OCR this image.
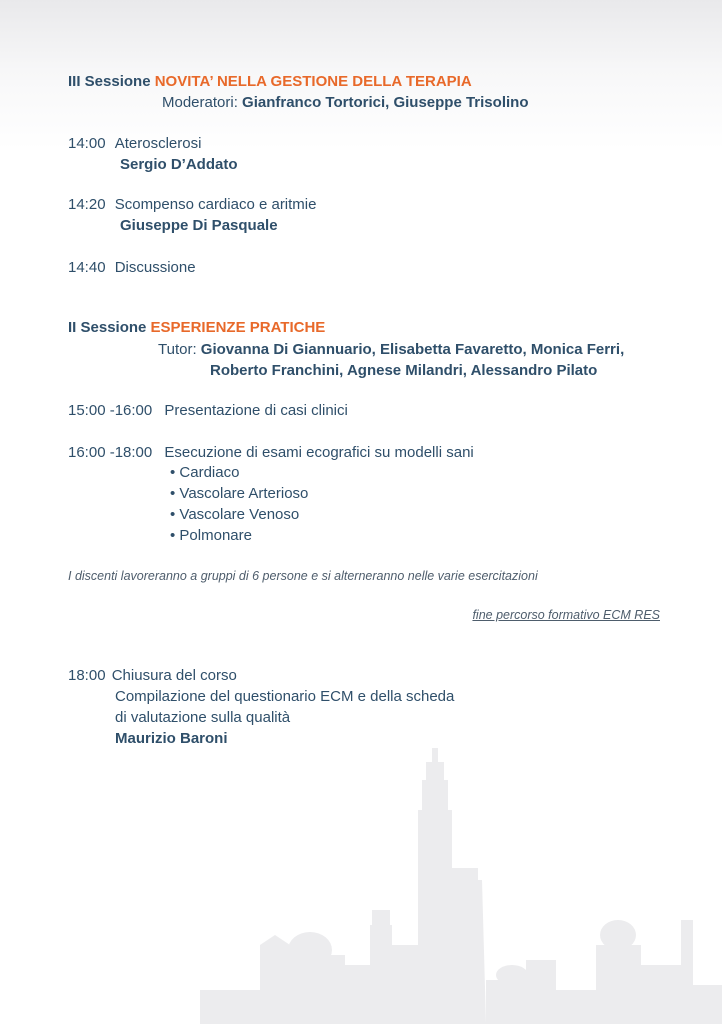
III Sessione NOVITA’ NELLA GESTIONE DELLA TERAPIA
Moderatori: Gianfranco Tortorici, Giuseppe Trisolino
14:00 Aterosclerosi
Sergio D’Addato
14:20 Scompenso cardiaco e aritmie
Giuseppe Di Pasquale
14:40 Discussione
II Sessione ESPERIENZE PRATICHE
Tutor: Giovanna Di Giannuario, Elisabetta Favaretto, Monica Ferri,
Roberto Franchini, Agnese Milandri, Alessandro Pilato
15:00 -16:00 Presentazione di casi clinici
16:00 -18:00 Esecuzione di esami ecografici su modelli sani
• Cardiaco
• Vascolare Arterioso
• Vascolare Venoso
• Polmonare
I discenti lavoreranno a gruppi di 6 persone e si alterneranno nelle varie esercitazioni
fine percorso formativo ECM RES
18:00 Chiusura del corso
Compilazione del questionario ECM e della scheda
di valutazione sulla qualità
Maurizio Baroni
